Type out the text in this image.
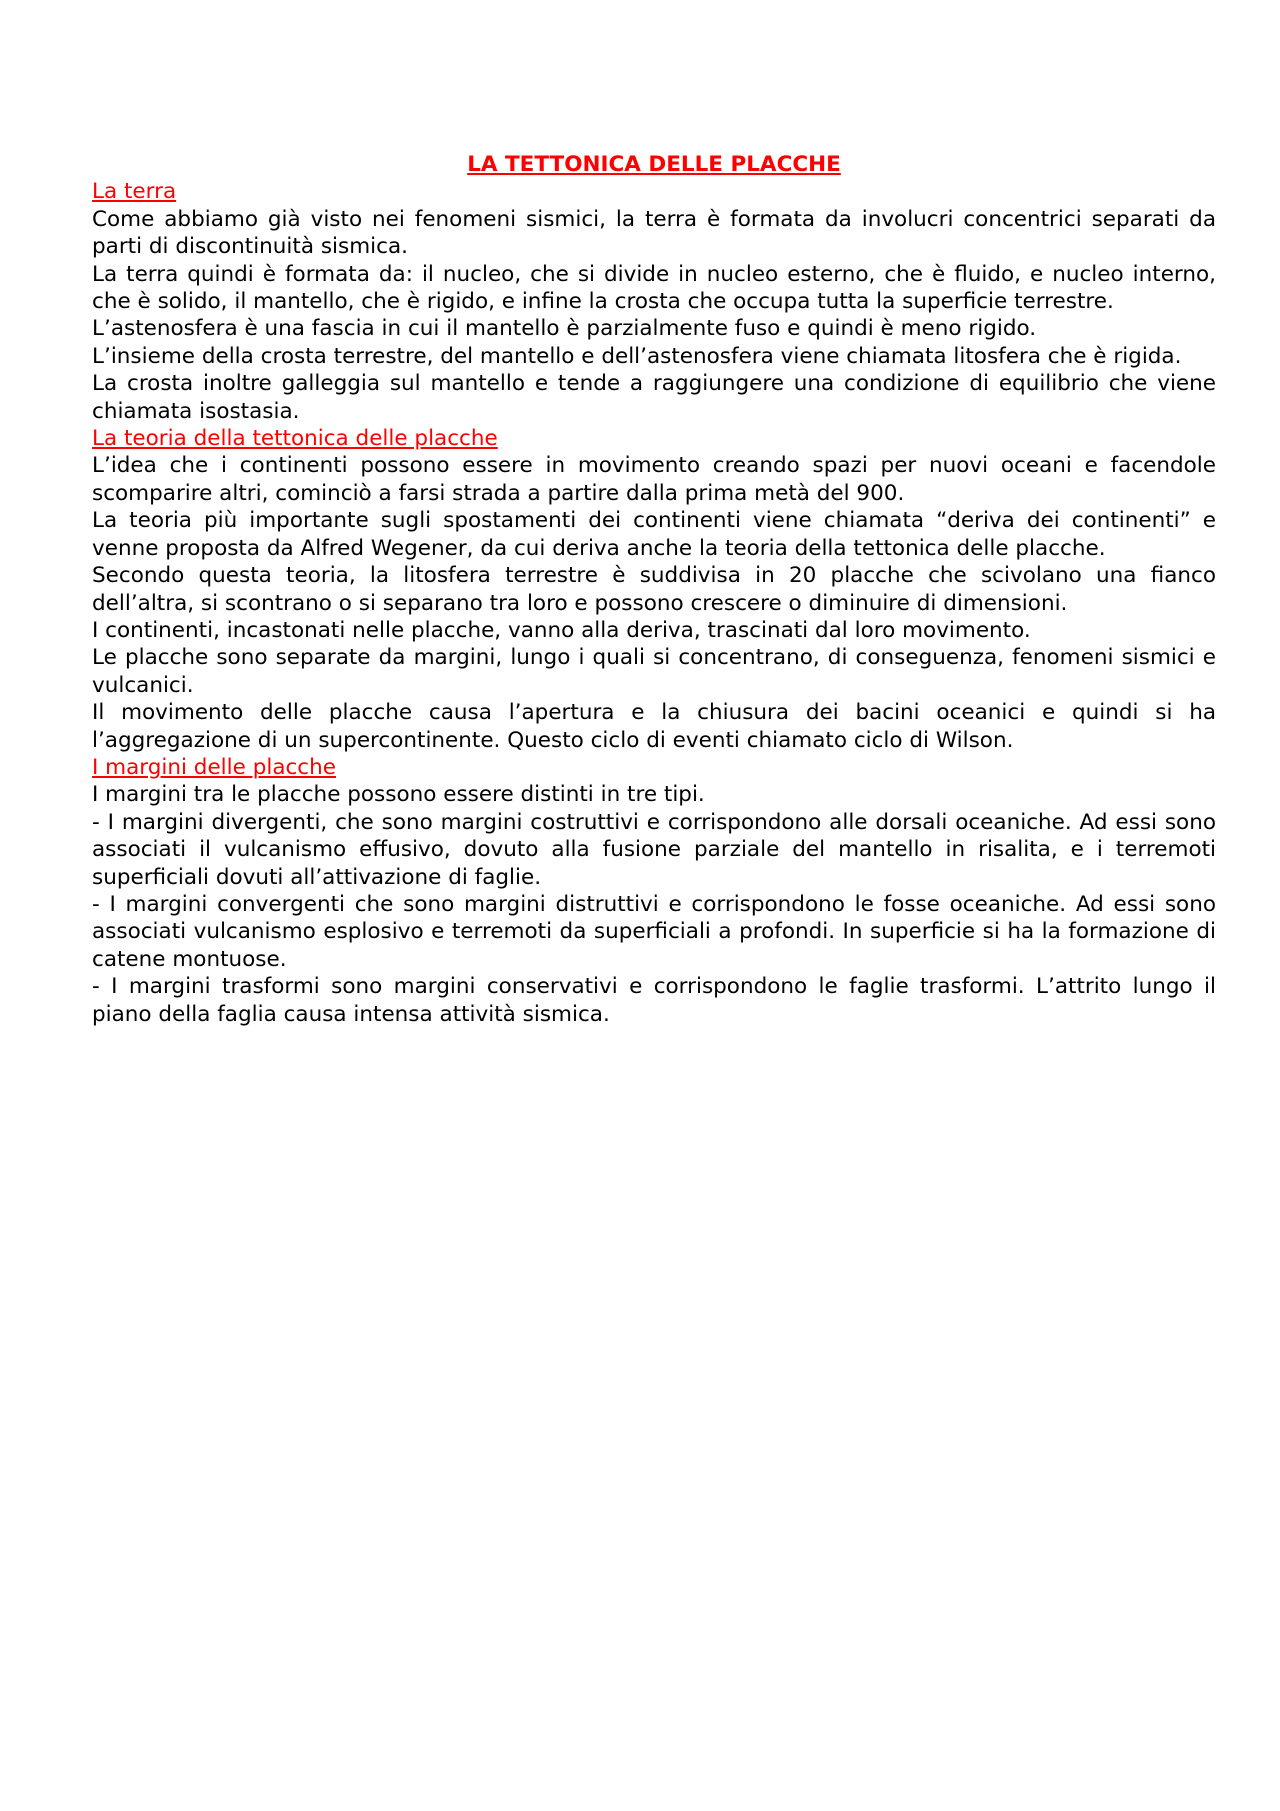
LA TETTONICA DELLE PLACCHE
La terra

Come abbiamo già visto nei fenomeni sismici, la terra è formata da involucri concentrici separati da parti di discontinuità sismica.

La terra quindi è formata da: il nucleo, che si divide in nucleo esterno, che è fluido, e nucleo interno, che è solido, il mantello, che è rigido, e infine la crosta che occupa tutta la superficie terrestre.

L’astenosfera è una fascia in cui il mantello è parzialmente fuso e quindi è meno rigido.

L’insieme della crosta terrestre, del mantello e dell’astenosfera viene chiamata litosfera che è rigida.

La crosta inoltre galleggia sul mantello e tende a raggiungere una condizione di equilibrio che viene chiamata isostasia.

La teoria della tettonica delle placche

L’idea che i continenti possono essere in movimento creando spazi per nuovi oceani e facendole scomparire altri, cominciò a farsi strada a partire dalla prima metà del 900.

La teoria più importante sugli spostamenti dei continenti viene chiamata “deriva dei continenti” e venne proposta da Alfred Wegener, da cui deriva anche la teoria della tettonica delle placche.

Secondo questa teoria, la litosfera terrestre è suddivisa in 20 placche che scivolano una fianco dell’altra, si scontrano o si separano tra loro e possono crescere o diminuire di dimensioni.

I continenti, incastonati nelle placche, vanno alla deriva, trascinati dal loro movimento.

Le placche sono separate da margini, lungo i quali si concentrano, di conseguenza, fenomeni sismici e vulcanici.

Il movimento delle placche causa l’apertura e la chiusura dei bacini oceanici e quindi si ha l’aggregazione di un supercontinente. Questo ciclo di eventi chiamato ciclo di Wilson.

I margini delle placche

I margini tra le placche possono essere distinti in tre tipi.

- I margini divergenti, che sono margini costruttivi e corrispondono alle dorsali oceaniche. Ad essi sono associati il vulcanismo effusivo, dovuto alla fusione parziale del mantello in risalita, e i terremoti superficiali dovuti all’attivazione di faglie.

- I margini convergenti che sono margini distruttivi e corrispondono le fosse oceaniche. Ad essi sono associati vulcanismo esplosivo e terremoti da superficiali a profondi. In superficie si ha la formazione di catene montuose.

- I margini trasformi sono margini conservativi e corrispondono le faglie trasformi. L’attrito lungo il piano della faglia causa intensa attività sismica.
